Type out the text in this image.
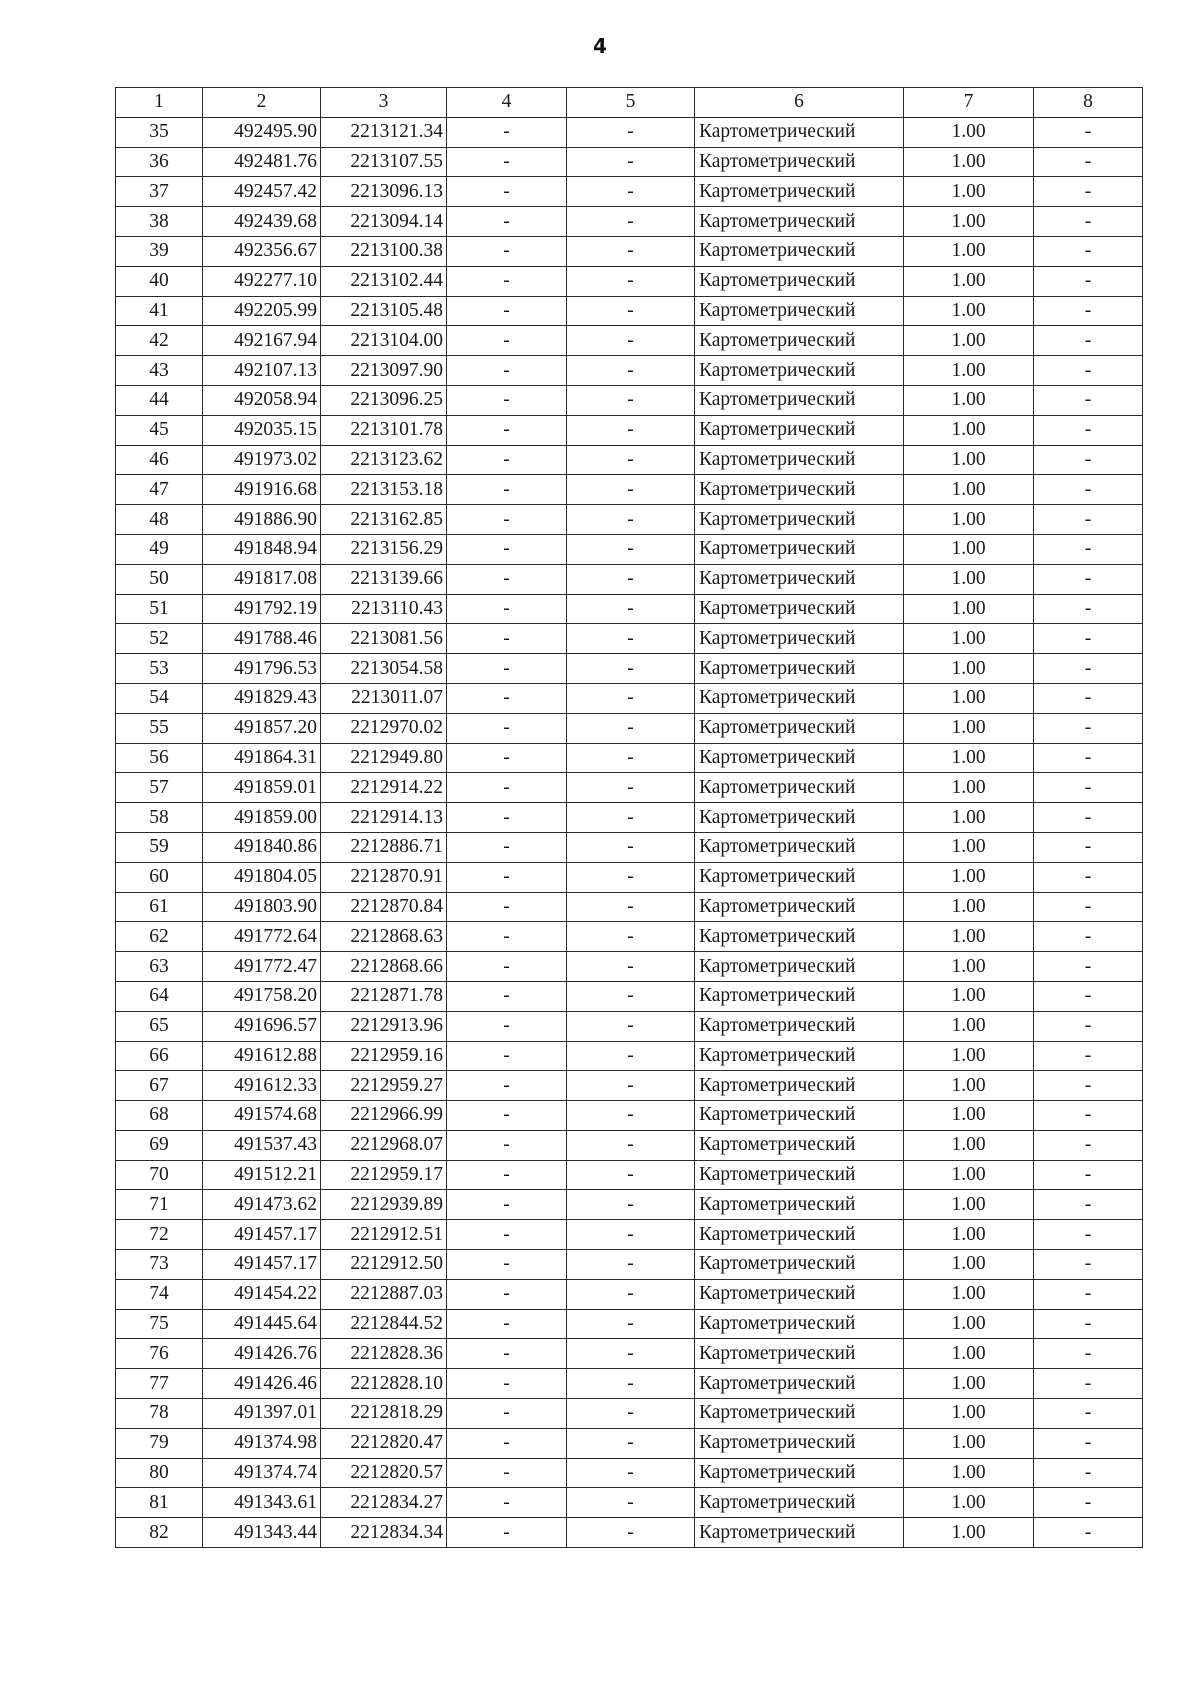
4
1	2	3	4	5	6	7	8
35	492495.90	2213121.34	-	-	Картометрический	1.00	-
36	492481.76	2213107.55	-	-	Картометрический	1.00	-
37	492457.42	2213096.13	-	-	Картометрический	1.00	-
38	492439.68	2213094.14	-	-	Картометрический	1.00	-
39	492356.67	2213100.38	-	-	Картометрический	1.00	-
40	492277.10	2213102.44	-	-	Картометрический	1.00	-
41	492205.99	2213105.48	-	-	Картометрический	1.00	-
42	492167.94	2213104.00	-	-	Картометрический	1.00	-
43	492107.13	2213097.90	-	-	Картометрический	1.00	-
44	492058.94	2213096.25	-	-	Картометрический	1.00	-
45	492035.15	2213101.78	-	-	Картометрический	1.00	-
46	491973.02	2213123.62	-	-	Картометрический	1.00	-
47	491916.68	2213153.18	-	-	Картометрический	1.00	-
48	491886.90	2213162.85	-	-	Картометрический	1.00	-
49	491848.94	2213156.29	-	-	Картометрический	1.00	-
50	491817.08	2213139.66	-	-	Картометрический	1.00	-
51	491792.19	2213110.43	-	-	Картометрический	1.00	-
52	491788.46	2213081.56	-	-	Картометрический	1.00	-
53	491796.53	2213054.58	-	-	Картометрический	1.00	-
54	491829.43	2213011.07	-	-	Картометрический	1.00	-
55	491857.20	2212970.02	-	-	Картометрический	1.00	-
56	491864.31	2212949.80	-	-	Картометрический	1.00	-
57	491859.01	2212914.22	-	-	Картометрический	1.00	-
58	491859.00	2212914.13	-	-	Картометрический	1.00	-
59	491840.86	2212886.71	-	-	Картометрический	1.00	-
60	491804.05	2212870.91	-	-	Картометрический	1.00	-
61	491803.90	2212870.84	-	-	Картометрический	1.00	-
62	491772.64	2212868.63	-	-	Картометрический	1.00	-
63	491772.47	2212868.66	-	-	Картометрический	1.00	-
64	491758.20	2212871.78	-	-	Картометрический	1.00	-
65	491696.57	2212913.96	-	-	Картометрический	1.00	-
66	491612.88	2212959.16	-	-	Картометрический	1.00	-
67	491612.33	2212959.27	-	-	Картометрический	1.00	-
68	491574.68	2212966.99	-	-	Картометрический	1.00	-
69	491537.43	2212968.07	-	-	Картометрический	1.00	-
70	491512.21	2212959.17	-	-	Картометрический	1.00	-
71	491473.62	2212939.89	-	-	Картометрический	1.00	-
72	491457.17	2212912.51	-	-	Картометрический	1.00	-
73	491457.17	2212912.50	-	-	Картометрический	1.00	-
74	491454.22	2212887.03	-	-	Картометрический	1.00	-
75	491445.64	2212844.52	-	-	Картометрический	1.00	-
76	491426.76	2212828.36	-	-	Картометрический	1.00	-
77	491426.46	2212828.10	-	-	Картометрический	1.00	-
78	491397.01	2212818.29	-	-	Картометрический	1.00	-
79	491374.98	2212820.47	-	-	Картометрический	1.00	-
80	491374.74	2212820.57	-	-	Картометрический	1.00	-
81	491343.61	2212834.27	-	-	Картометрический	1.00	-
82	491343.44	2212834.34	-	-	Картометрический	1.00	-
